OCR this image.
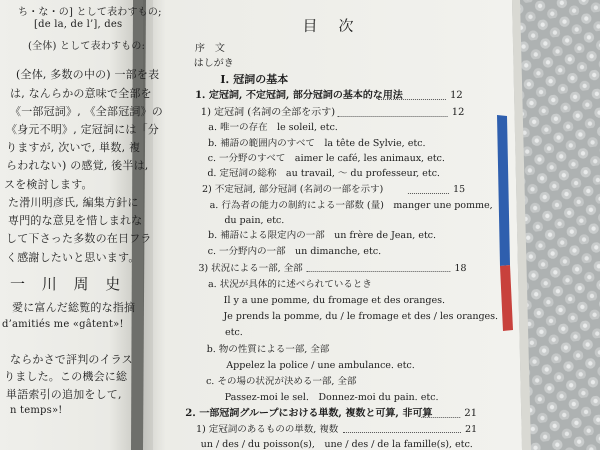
ち・な・の] として表わすもの;
[de la, de l’], des
(全体) として表わすもの:
(全体, 多数の中の) 一部を表
は, なんらかの意味で全部を
《一部冠詞》, 《全部冠詞》の
《身元不明》, 定冠詞には「分
りますが, 次いで, 単数, 複
らわれない) の感覚, 後半は,
スを検討します。
た滑川明彦氏, 編集方針に
専門的な意見を惜しまれな
して下さった多数の在日フラ
く感謝したいと思います。
一 川 周 史
愛に富んだ総覧的な指摘
d’amitiés me «gâtent»!
ならかさで評判のイラス
りました。この機会に総
単語索引の追加をして,
n temps»!
目　次
序　文
はしがき
I. 冠詞の基本
1. 定冠詞, 不定冠詞, 部分冠詞の基本的な用法	12
1) 定冠詞 (名詞の全部を示す)	12
a. 唯一の存在　le soleil, etc.
b. 補語の範囲内のすべて　la tête de Sylvie, etc.
c. 一分野のすべて　aimer le café, les animaux, etc.
d. 定冠詞の総称　au travail, ～ du professeur, etc.
2) 不定冠詞, 部分冠詞 (名詞の一部を示す)	15
a. 行為者の能力の制約による一部数 (量)　manger une pomme,
du pain, etc.
b. 補語による限定内の一部　un frère de Jean, etc.
c. 一分野内の一部　un dimanche, etc.
3) 状況による一部, 全部	18
a. 状況が具体的に述べられているとき
Il y a une pomme, du fromage et des oranges.
Je prends la pomme, du / le fromage et des / les oranges.
etc.
b. 物の性質による一部, 全部
Appelez la police / une ambulance. etc.
c. その場の状況が決める一部, 全部
Passez-moi le sel.　Donnez-moi du pain. etc.
2. 一部冠詞グループにおける単数, 複数と可算, 非可算	21
1) 定冠詞のあるものの単数, 複数	21
un / des / du poisson(s),　une / des / de la famille(s), etc.
